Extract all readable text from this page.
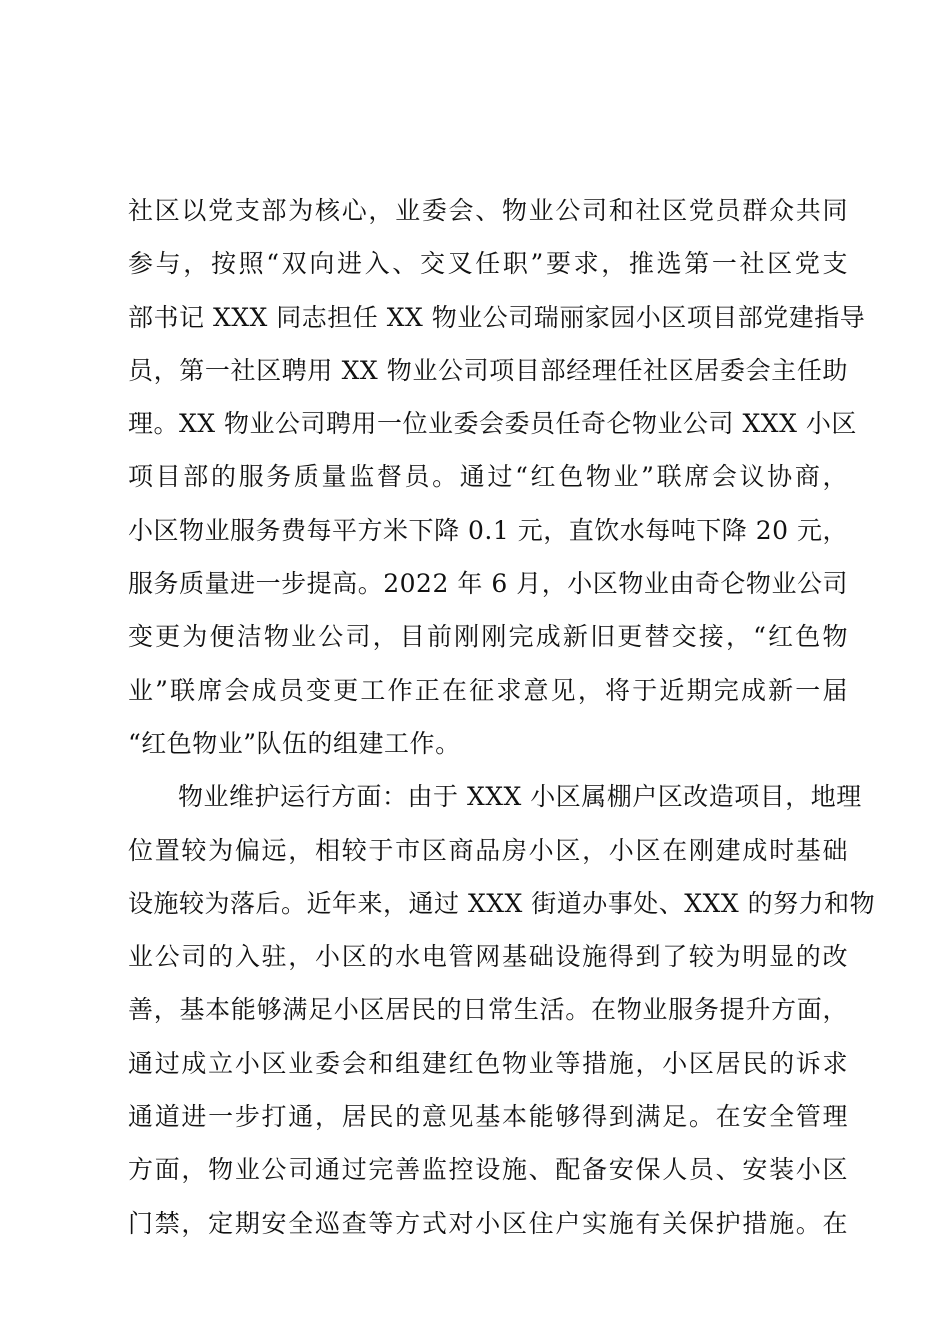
社区以党支部为核心，业委会、物业公司和社区党员群众共同
参与，按照“双向进入、交叉任职”要求，推选第一社区党支
部书记 XXX 同志担任 XX 物业公司瑞丽家园小区项目部党建指导
员，第一社区聘用 XX 物业公司项目部经理任社区居委会主任助
理。XX 物业公司聘用一位业委会委员任奇仑物业公司 XXX 小区
项目部的服务质量监督员。通过“红色物业”联席会议协商，
小区物业服务费每平方米下降 0.1 元，直饮水每吨下降 20 元，
服务质量进一步提高。2022 年 6 月，小区物业由奇仑物业公司
变更为便洁物业公司，目前刚刚完成新旧更替交接，“红色物
业”联席会成员变更工作正在征求意见，将于近期完成新一届
“红色物业”队伍的组建工作。
物业维护运行方面：由于 XXX 小区属棚户区改造项目，地理
位置较为偏远，相较于市区商品房小区，小区在刚建成时基础
设施较为落后。近年来，通过 XXX 街道办事处、XXX 的努力和物
业公司的入驻，小区的水电管网基础设施得到了较为明显的改
善，基本能够满足小区居民的日常生活。在物业服务提升方面，
通过成立小区业委会和组建红色物业等措施，小区居民的诉求
通道进一步打通，居民的意见基本能够得到满足。在安全管理
方面，物业公司通过完善监控设施、配备安保人员、安装小区
门禁，定期安全巡查等方式对小区住户实施有关保护措施。在
